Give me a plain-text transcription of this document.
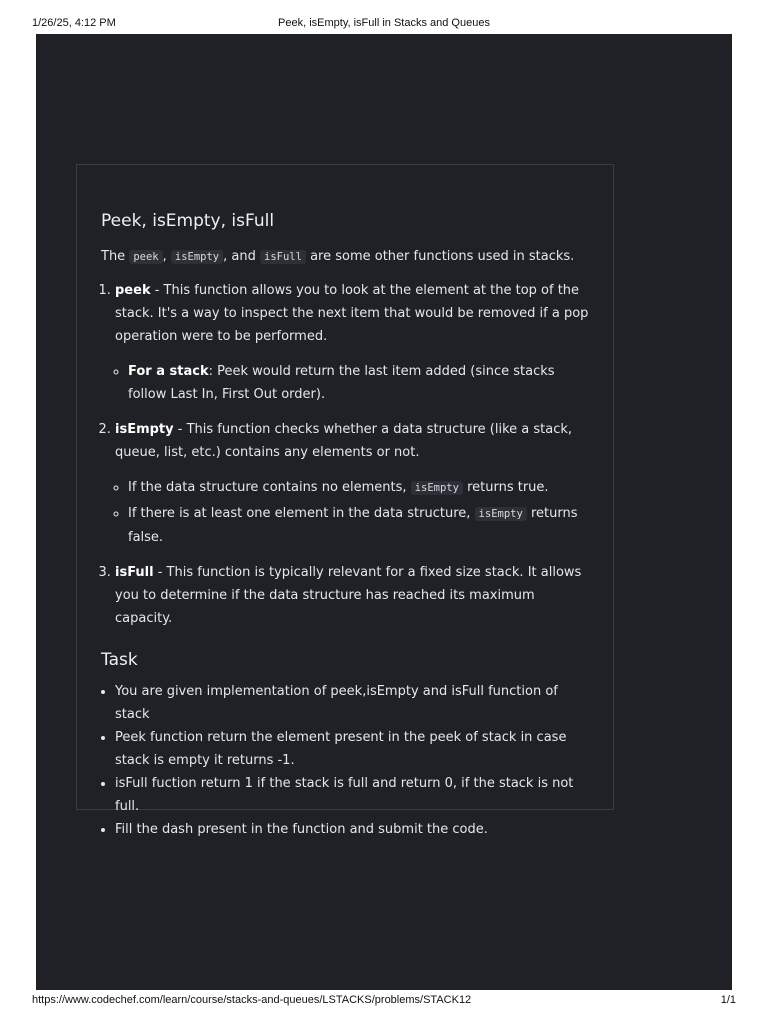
1/26/25, 4:12 PM	Peek, isEmpty, isFull in Stacks and Queues
Peek, isEmpty, isFull

The peek , isEmpty , and isFull are some other functions used in stacks.

1. peek - This function allows you to look at the element at the top of the stack. It's a way to inspect the next item that would be removed if a pop operation were to be performed.
◦ For a stack: Peek would return the last item added (since stacks follow Last In, First Out order).
2. isEmpty - This function checks whether a data structure (like a stack, queue, list, etc.) contains any elements or not.
◦ If the data structure contains no elements, isEmpty returns true.
◦ If there is at least one element in the data structure, isEmpty returns false.
3. isFull - This function is typically relevant for a fixed size stack. It allows you to determine if the data structure has reached its maximum capacity.
Task
• You are given implementation of peek,isEmpty and isFull function of stack
• Peek function return the element present in the peek of stack in case stack is empty it returns -1.
• isFull fuction return 1 if the stack is full and return 0, if the stack is not full.
• Fill the dash present in the function and submit the code.
https://www.codechef.com/learn/course/stacks-and-queues/LSTACKS/problems/STACK12	1/1
